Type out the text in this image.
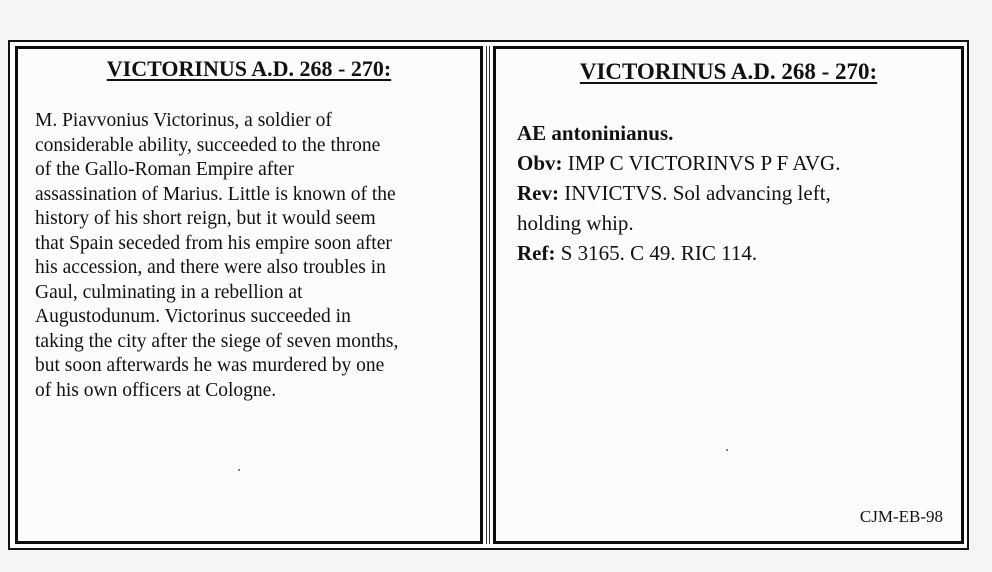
VICTORINUS A.D. 268 - 270:

M. Piavvonius Victorinus, a soldier of
considerable ability, succeeded to the throne
of the Gallo-Roman Empire after
assassination of Marius. Little is known of the
history of his short reign, but it would seem
that Spain seceded from his empire soon after
his accession, and there were also troubles in
Gaul, culminating in a rebellion at
Augustodunum. Victorinus succeeded in
taking the city after the siege of seven months,
but soon afterwards he was murdered by one
of his own officers at Cologne.

VICTORINUS A.D. 268 - 270:
AE antoninianus.
Obv: IMP C VICTORINVS P F AVG.
Rev: INVICTVS. Sol advancing left,
holding whip.
Ref: S 3165. C 49. RIC 114.
CJM-EB-98
